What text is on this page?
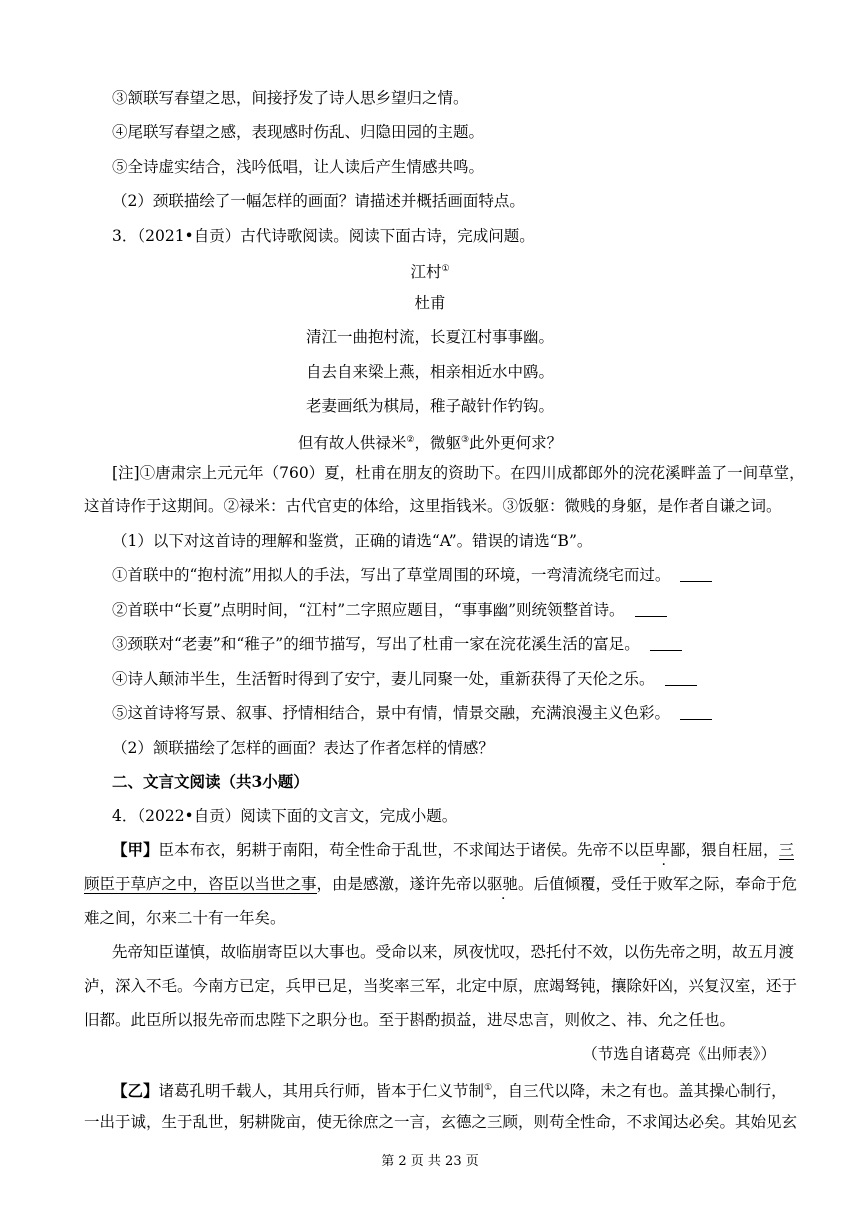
③颔联写春望之思，间接抒发了诗人思乡望归之情。
④尾联写春望之感，表现感时伤乱、归隐田园的主题。
⑤全诗虚实结合，浅吟低唱，让人读后产生情感共鸣。
（2）颈联描绘了一幅怎样的画面？请描述并概括画面特点。
3．（2021•自贡）古代诗歌阅读。阅读下面古诗，完成问题。
江村①
杜甫
清江一曲抱村流，长夏江村事事幽。
自去自来梁上燕，相亲相近水中鸥。
老妻画纸为棋局，稚子敲针作钓钩。
但有故人供禄米②，微躯③此外更何求？
[注]①唐肃宗上元元年（760）夏，杜甫在朋友的资助下。在四川成都郎外的浣花溪畔盖了一间草堂，
这首诗作于这期间。②禄米：古代官吏的体给，这里指钱米。③饭躯：微贱的身躯，是作者自谦之词。
（1）以下对这首诗的理解和鉴赏，正确的请选“A”。错误的请选“B”。
①首联中的“抱村流”用拟人的手法，写出了草堂周围的环境，一弯清流绕宅而过。
②首联中“长夏”点明时间，“江村”二字照应题目，“事事幽”则统领整首诗。
③颈联对“老妻”和“稚子”的细节描写，写出了杜甫一家在浣花溪生活的富足。
④诗人颠沛半生，生活暂时得到了安宁，妻儿同聚一处，重新获得了天伦之乐。
⑤这首诗将写景、叙事、抒情相结合，景中有情，情景交融，充满浪漫主义色彩。
（2）颔联描绘了怎样的画面？表达了作者怎样的情感？
二、文言文阅读（共3小题）
4．（2022•自贡）阅读下面的文言文，完成小题。
【甲】臣本布衣，躬耕于南阳，苟全性命于乱世，不求闻达于诸侯。先帝不以臣卑鄙，猥自枉屈，三
顾臣于草庐之中，咨臣以当世之事，由是感激，遂许先帝以驱驰。后值倾覆，受任于败军之际，奉命于危
难之间，尔来二十有一年矣。
先帝知臣谨慎，故临崩寄臣以大事也。受命以来，夙夜忧叹，恐托付不效，以伤先帝之明，故五月渡
泸，深入不毛。今南方已定，兵甲已足，当奖率三军，北定中原，庶竭驽钝，攘除奸凶，兴复汉室，还于
旧都。此臣所以报先帝而忠陛下之职分也。至于斟酌损益，进尽忠言，则攸之、祎、允之任也。
（节选自诸葛亮《出师表》）
【乙】诸葛孔明千载人，其用兵行师，皆本于仁义节制①，自三代以降，未之有也。盖其操心制行，
一出于诚，生于乱世，躬耕陇亩，使无徐庶之一言，玄德之三顾，则苟全性命，不求闻达必矣。其始见玄
第 2 页 共 23 页
